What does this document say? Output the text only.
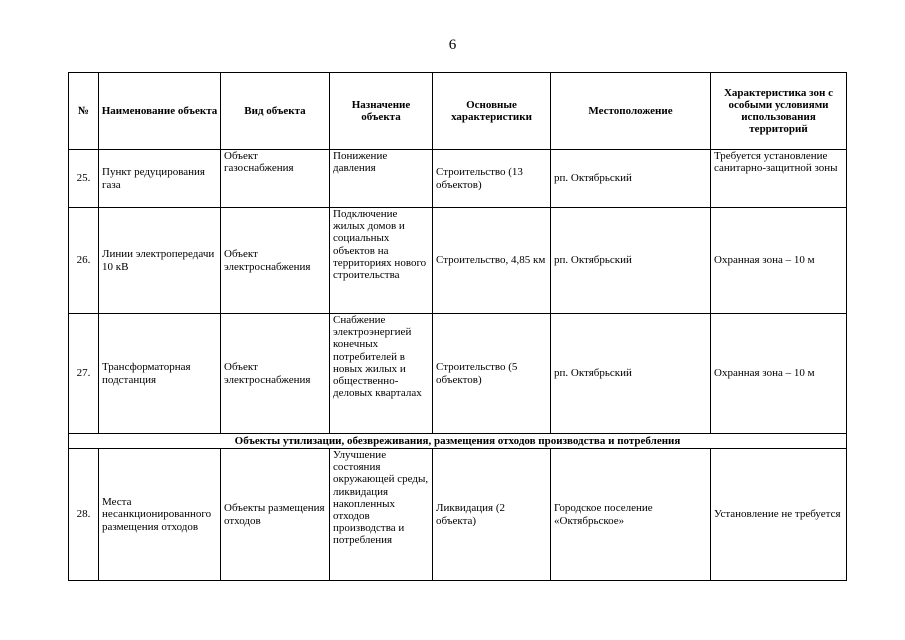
6
№	Наименование объекта	Вид объекта	Назначение объекта	Основные характеристики	Местоположение	Характеристика зон с особыми условиями использования территорий
25.	Пункт редуцирования газа	Объект газоснабжения	Понижение давления	Строительство (13 объектов)	рп. Октябрьский	Требуется установление санитарно-защитной зоны
26.	Линии электропередачи 10 кВ	Объект электроснабжения	Подключение жилых домов и социальных объектов на территориях нового строительства	Строительство, 4,85 км	рп. Октябрьский	Охранная зона – 10 м
27.	Трансформаторная подстанция	Объект электроснабжения	Снабжение электроэнергией конечных потребителей в новых жилых и общественно-деловых кварталах	Строительство (5 объектов)	рп. Октябрьский	Охранная зона – 10 м
Объекты утилизации, обезвреживания, размещения отходов производства и потребления						
28.	Места несанкционированного размещения отходов	Объекты размещения отходов	Улучшение состояния окружающей среды, ликвидация накопленных отходов производства и потребления	Ликвидация (2 объекта)	Городское поселение «Октябрьское»	Установление не требуется
